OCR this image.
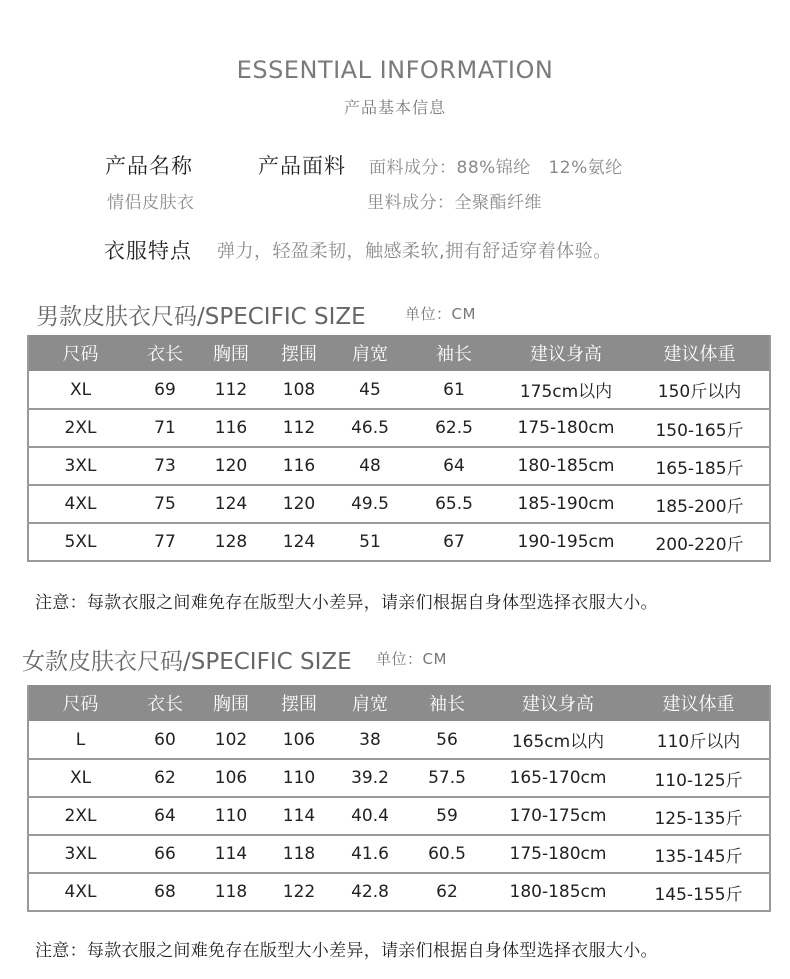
ESSENTIAL INFORMATION
产品基本信息
产品名称
情侣皮肤衣
产品面料 面料成分：88%锦纶   12%氨纶
里料成分：全聚酯纤维
衣服特点 弹力，轻盈柔韧，触感柔软,拥有舒适穿着体验。
男款皮肤衣尺码/SPECIFIC SIZE	单位：CM
尺码	衣长	胸围	摆围	肩宽	袖长	建议身高	建议体重
XL	69	112	108	45	61	175cm以内	150斤以内
2XL	71	116	112	46.5	62.5	175-180cm	150-165斤
3XL	73	120	116	48	64	180-185cm	165-185斤
4XL	75	124	120	49.5	65.5	185-190cm	185-200斤
5XL	77	128	124	51	67	190-195cm	200-220斤
注意：每款衣服之间难免存在版型大小差异，请亲们根据自身体型选择衣服大小。
女款皮肤衣尺码/SPECIFIC SIZE 单位：CM
尺码	衣长	胸围	摆围	肩宽	袖长	建议身高	建议体重
L	60	102	106	38	56	165cm以内	110斤以内
XL	62	106	110	39.2	57.5	165-170cm	110-125斤
2XL	64	110	114	40.4	59	170-175cm	125-135斤
3XL	66	114	118	41.6	60.5	175-180cm	135-145斤
4XL	68	118	122	42.8	62	180-185cm	145-155斤
注意：每款衣服之间难免存在版型大小差异，请亲们根据自身体型选择衣服大小。
